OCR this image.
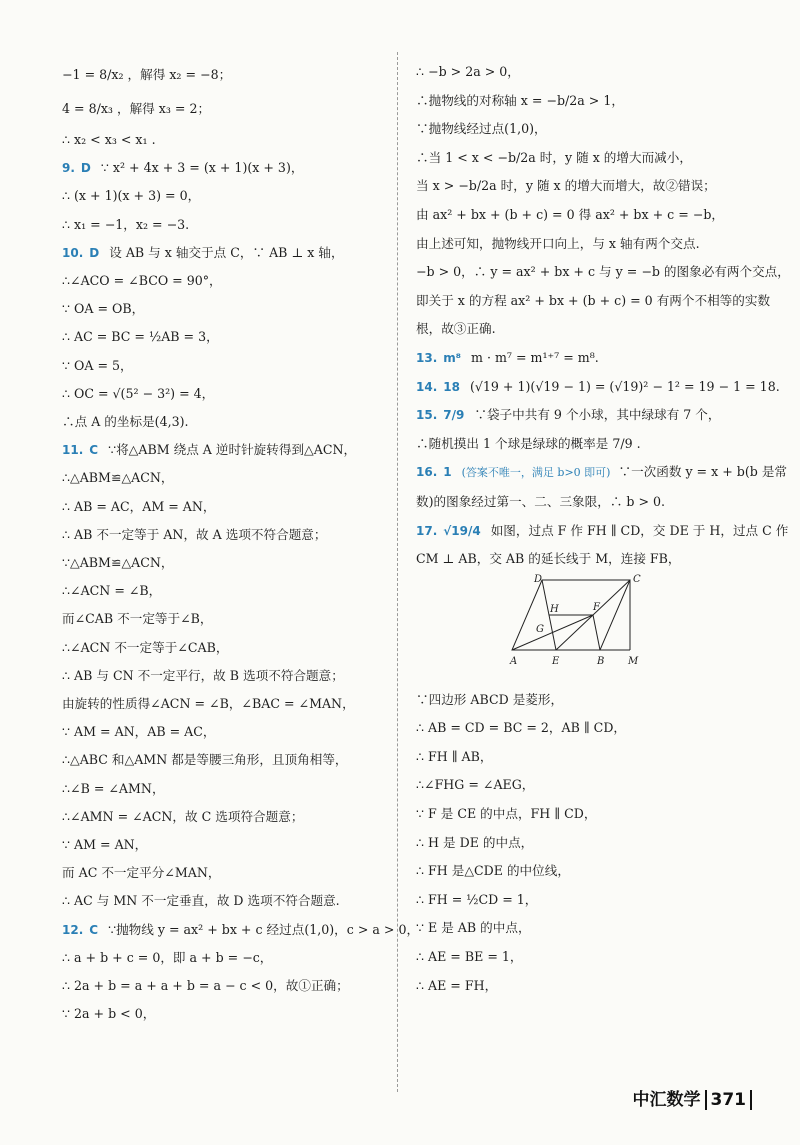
−1 = 8/x₂ ，解得 x₂ = −8；
4 = 8/x₃ ，解得 x₃ = 2；
∴ x₂ < x₃ < x₁ .
9. D ∵ x² + 4x + 3 = (x + 1)(x + 3)，
∴ (x + 1)(x + 3) = 0，
∴ x₁ = −1，x₂ = −3.
10. D 设 AB 与 x 轴交于点 C，∵ AB ⊥ x 轴，
∴∠ACO = ∠BCO = 90°，
∵ OA = OB，
∴ AC = BC = ½AB = 3，
∵ OA = 5，
∴ OC = √(5² − 3²) = 4，
∴点 A 的坐标是(4,3).
11. C ∵将△ABM 绕点 A 逆时针旋转得到△ACN，
∴△ABM≌△ACN，
∴ AB = AC，AM = AN，
∴ AB 不一定等于 AN，故 A 选项不符合题意；
∵△ABM≌△ACN，
∴∠ACN = ∠B，
而∠CAB 不一定等于∠B，
∴∠ACN 不一定等于∠CAB，
∴ AB 与 CN 不一定平行，故 B 选项不符合题意；
由旋转的性质得∠ACN = ∠B，∠BAC = ∠MAN，
∵ AM = AN，AB = AC，
∴△ABC 和△AMN 都是等腰三角形，且顶角相等，
∴∠B = ∠AMN，
∴∠AMN = ∠ACN，故 C 选项符合题意；
∵ AM = AN，
而 AC 不一定平分∠MAN，
∴ AC 与 MN 不一定垂直，故 D 选项不符合题意.
12. C ∵抛物线 y = ax² + bx + c 经过点(1,0)，c > a > 0，
∴ a + b + c = 0，即 a + b = −c，
∴ 2a + b = a + a + b = a − c < 0，故①正确；
∵ 2a + b < 0，
∴ −b > 2a > 0，
∴抛物线的对称轴 x = −b/2a > 1，
∵抛物线经过点(1,0)，
∴当 1 < x < −b/2a 时，y 随 x 的增大而减小，
当 x > −b/2a 时，y 随 x 的增大而增大，故②错误；
由 ax² + bx + (b + c) = 0 得 ax² + bx + c = −b，
由上述可知，抛物线开口向上，与 x 轴有两个交点.
−b > 0，∴ y = ax² + bx + c 与 y = −b 的图象必有两个交点，
即关于 x 的方程 ax² + bx + (b + c) = 0 有两个不相等的实数
根，故③正确.
13. m⁸ m · m⁷ = m¹⁺⁷ = m⁸.
14. 18 (√19 + 1)(√19 − 1) = (√19)² − 1² = 19 − 1 = 18.
15. 7/9 ∵袋子中共有 9 个小球，其中绿球有 7 个，
∴随机摸出 1 个球是绿球的概率是 7/9 .
16. 1 (答案不唯一，满足 b>0 即可) ∵一次函数 y = x + b(b 是常
数)的图象经过第一、二、三象限，∴ b > 0.
17. √19/4 如图，过点 F 作 FH ∥ CD，交 DE 于 H，过点 C 作
CM ⊥ AB，交 AB 的延长线于 M，连接 FB，
D	C
H	F
G
A	E	B M
∵四边形 ABCD 是菱形，
∴ AB = CD = BC = 2，AB ∥ CD，
∴ FH ∥ AB，
∴∠FHG = ∠AEG，
∵ F 是 CE 的中点，FH ∥ CD，
∴ H 是 DE 的中点，
∴ FH 是△CDE 的中位线，
∴ FH = ½CD = 1，
∵ E 是 AB 的中点，
∴ AE = BE = 1，
∴ AE = FH，
中汇数学 371
